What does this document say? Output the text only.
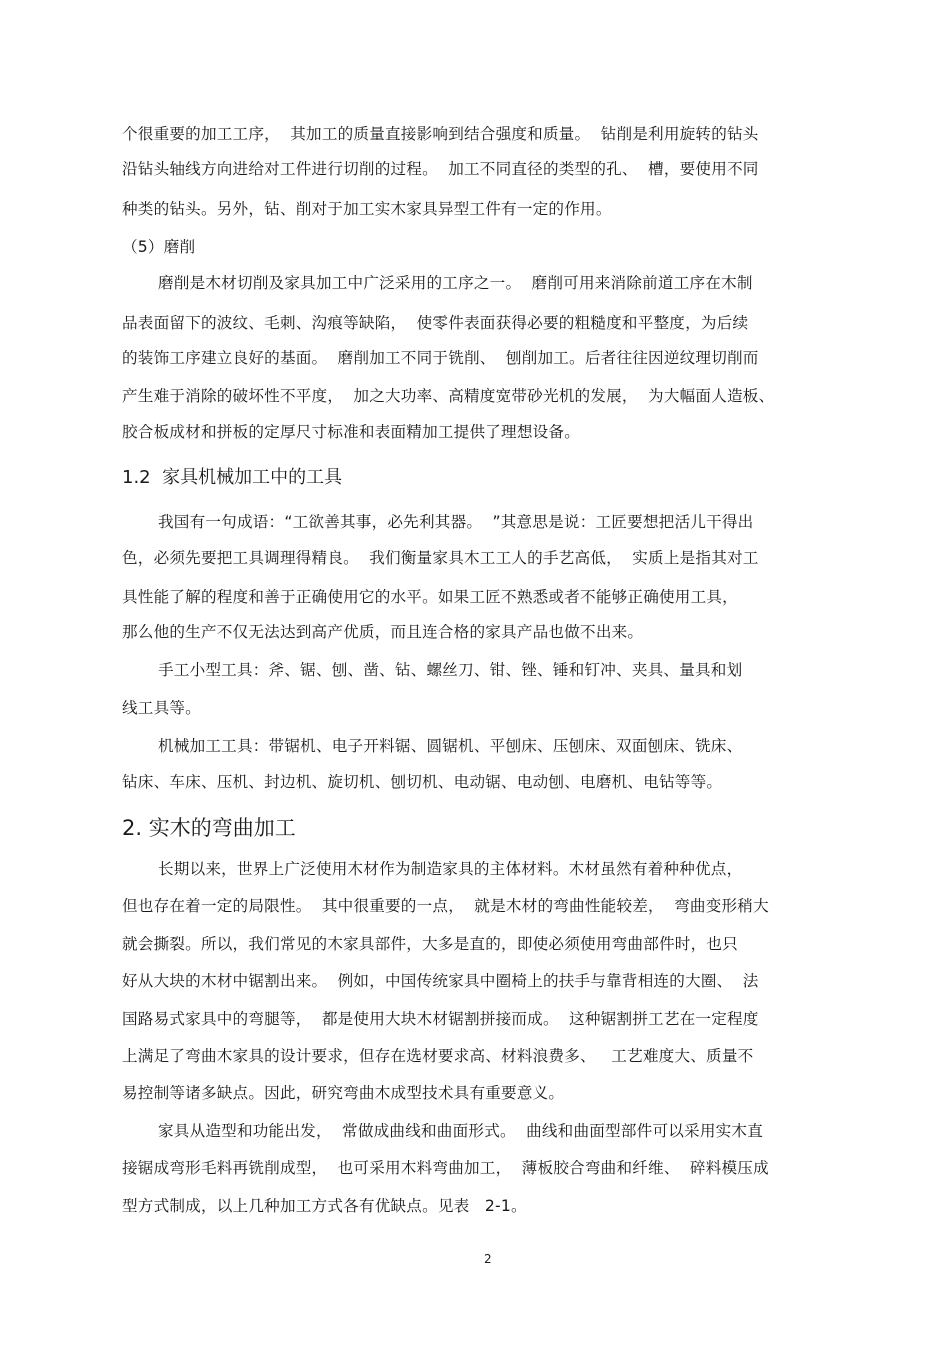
个很重要的加工工序，  其加工的质量直接影响到结合强度和质量。  钻削是利用旋转的钻头
沿钻头轴线方向进给对工件进行切削的过程。  加工不同直径的类型的孔、  槽，要使用不同
种类的钻头。另外，钻、削对于加工实木家具异型工件有一定的作用。
（5）磨削
磨削是木材切削及家具加工中广泛采用的工序之一。  磨削可用来消除前道工序在木制
品表面留下的波纹、毛刺、沟痕等缺陷，  使零件表面获得必要的粗糙度和平整度，为后续
的装饰工序建立良好的基面。  磨削加工不同于铣削、  刨削加工。后者往往因逆纹理切削而
产生难于消除的破坏性不平度，  加之大功率、高精度宽带砂光机的发展，  为大幅面人造板、
胶合板成材和拼板的定厚尺寸标准和表面精加工提供了理想设备。
1.2  家具机械加工中的工具
我国有一句成语：“工欲善其事，必先利其器。  ”其意思是说：工匠要想把活儿干得出
色，必须先要把工具调理得精良。  我们衡量家具木工工人的手艺高低，  实质上是指其对工
具性能了解的程度和善于正确使用它的水平。如果工匠不熟悉或者不能够正确使用工具，
那么他的生产不仅无法达到高产优质，而且连合格的家具产品也做不出来。
手工小型工具：斧、锯、刨、凿、钻、螺丝刀、钳、锉、锤和钉冲、夹具、量具和划
线工具等。
机械加工工具：带锯机、电子开料锯、圆锯机、平刨床、压刨床、双面刨床、铣床、
钻床、车床、压机、封边机、旋切机、刨切机、电动锯、电动刨、电磨机、电钻等等。
2. 实木的弯曲加工
长期以来，世界上广泛使用木材作为制造家具的主体材料。木材虽然有着种种优点，
但也存在着一定的局限性。  其中很重要的一点，  就是木材的弯曲性能较差，  弯曲变形稍大
就会撕裂。所以，我们常见的木家具部件，大多是直的，即使必须使用弯曲部件时，也只
好从大块的木材中锯割出来。  例如，中国传统家具中圈椅上的扶手与靠背相连的大圈、  法
国路易式家具中的弯腿等，  都是使用大块木材锯割拼接而成。  这种锯割拼工艺在一定程度
上满足了弯曲木家具的设计要求，但存在选材要求高、材料浪费多、   工艺难度大、质量不
易控制等诸多缺点。因此，研究弯曲木成型技术具有重要意义。
家具从造型和功能出发，  常做成曲线和曲面形式。  曲线和曲面型部件可以采用实木直
接锯成弯形毛料再铣削成型，  也可采用木料弯曲加工，  薄板胶合弯曲和纤维、  碎料模压成
型方式制成，以上几种加工方式各有优缺点。见表   2-1。
2
